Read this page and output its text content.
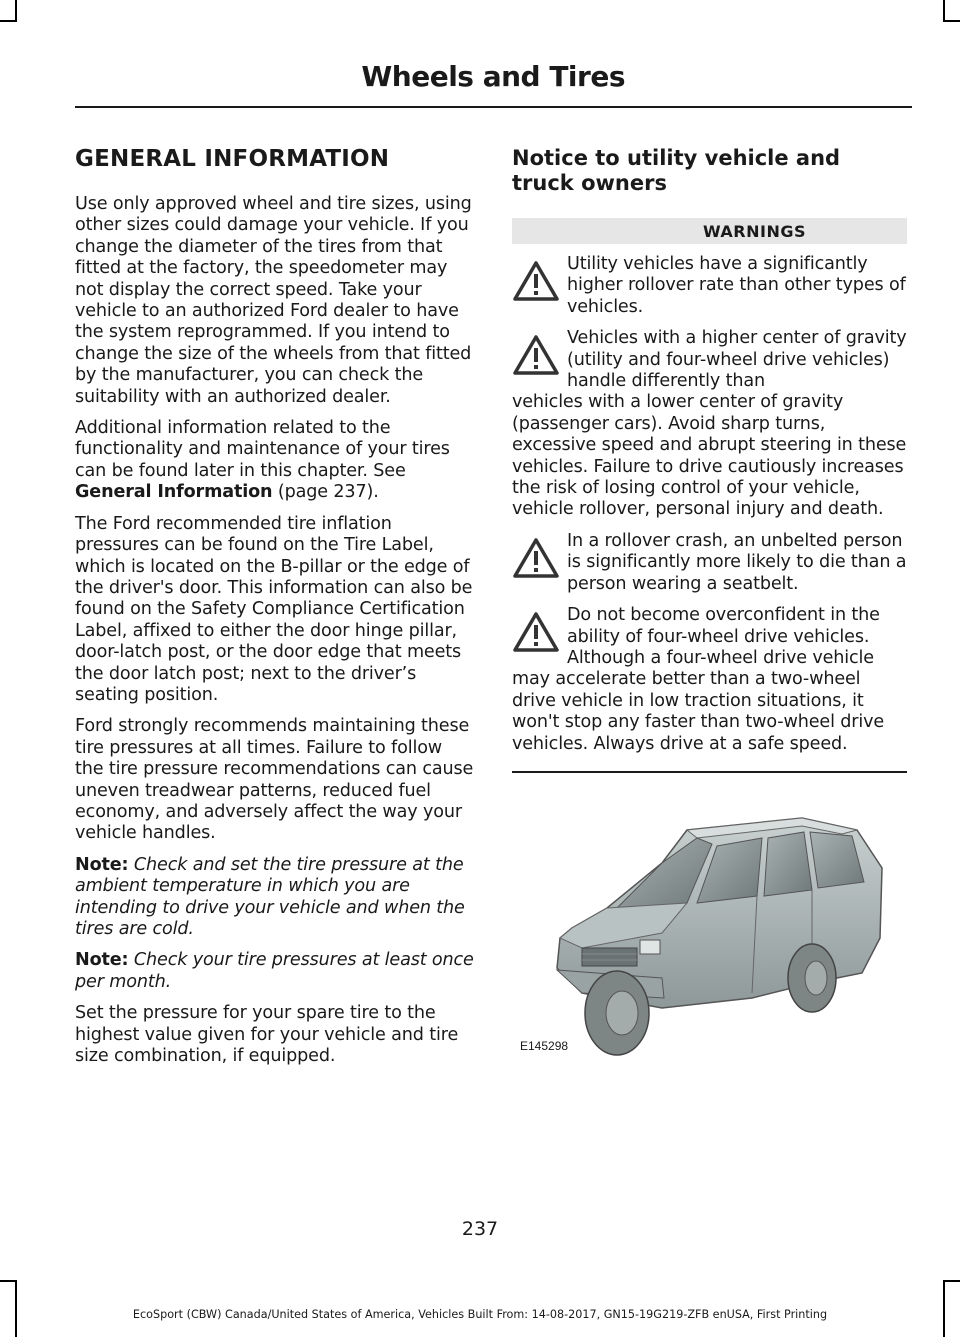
Wheels and Tires
GENERAL INFORMATION

Use only approved wheel and tire sizes, using other sizes could damage your vehicle. If you change the diameter of the tires from that fitted at the factory, the speedometer may not display the correct speed. Take your vehicle to an authorized Ford dealer to have the system reprogrammed. If you intend to change the size of the wheels from that fitted by the manufacturer, you can check the suitability with an authorized dealer.

Additional information related to the functionality and maintenance of your tires can be found later in this chapter. See General Information (page 237).

The Ford recommended tire inflation pressures can be found on the Tire Label, which is located on the B-pillar or the edge of the driver's door. This information can also be found on the Safety Compliance Certification Label, affixed to either the door hinge pillar, door-latch post, or the door edge that meets the door latch post; next to the driver’s seating position.

Ford strongly recommends maintaining these tire pressures at all times. Failure to follow the tire pressure recommendations can cause uneven treadwear patterns, reduced fuel economy, and adversely affect the way your vehicle handles.

Note: Check and set the tire pressure at the ambient temperature in which you are intending to drive your vehicle and when the tires are cold.

Note: Check your tire pressures at least once per month.

Set the pressure for your spare tire to the highest value given for your vehicle and tire size combination, if equipped.

Notice to utility vehicle and truck owners
WARNINGS

Utility vehicles have a significantly higher rollover rate than other types of vehicles.

Vehicles with a higher center of gravity (utility and four-wheel drive vehicles) handle differently than

vehicles with a lower center of gravity (passenger cars). Avoid sharp turns, excessive speed and abrupt steering in these vehicles. Failure to drive cautiously increases the risk of losing control of your vehicle, vehicle rollover, personal injury and death.

In a rollover crash, an unbelted person is significantly more likely to die than a person wearing a seatbelt.

Do not become overconfident in the ability of four-wheel drive vehicles. Although a four-wheel drive vehicle

may accelerate better than a two-wheel drive vehicle in low traction situations, it won't stop any faster than two-wheel drive vehicles. Always drive at a safe speed.

E145298
237
EcoSport (CBW) Canada/United States of America, Vehicles Built From: 14-08-2017, GN15-19G219-ZFB enUSA, First Printing
